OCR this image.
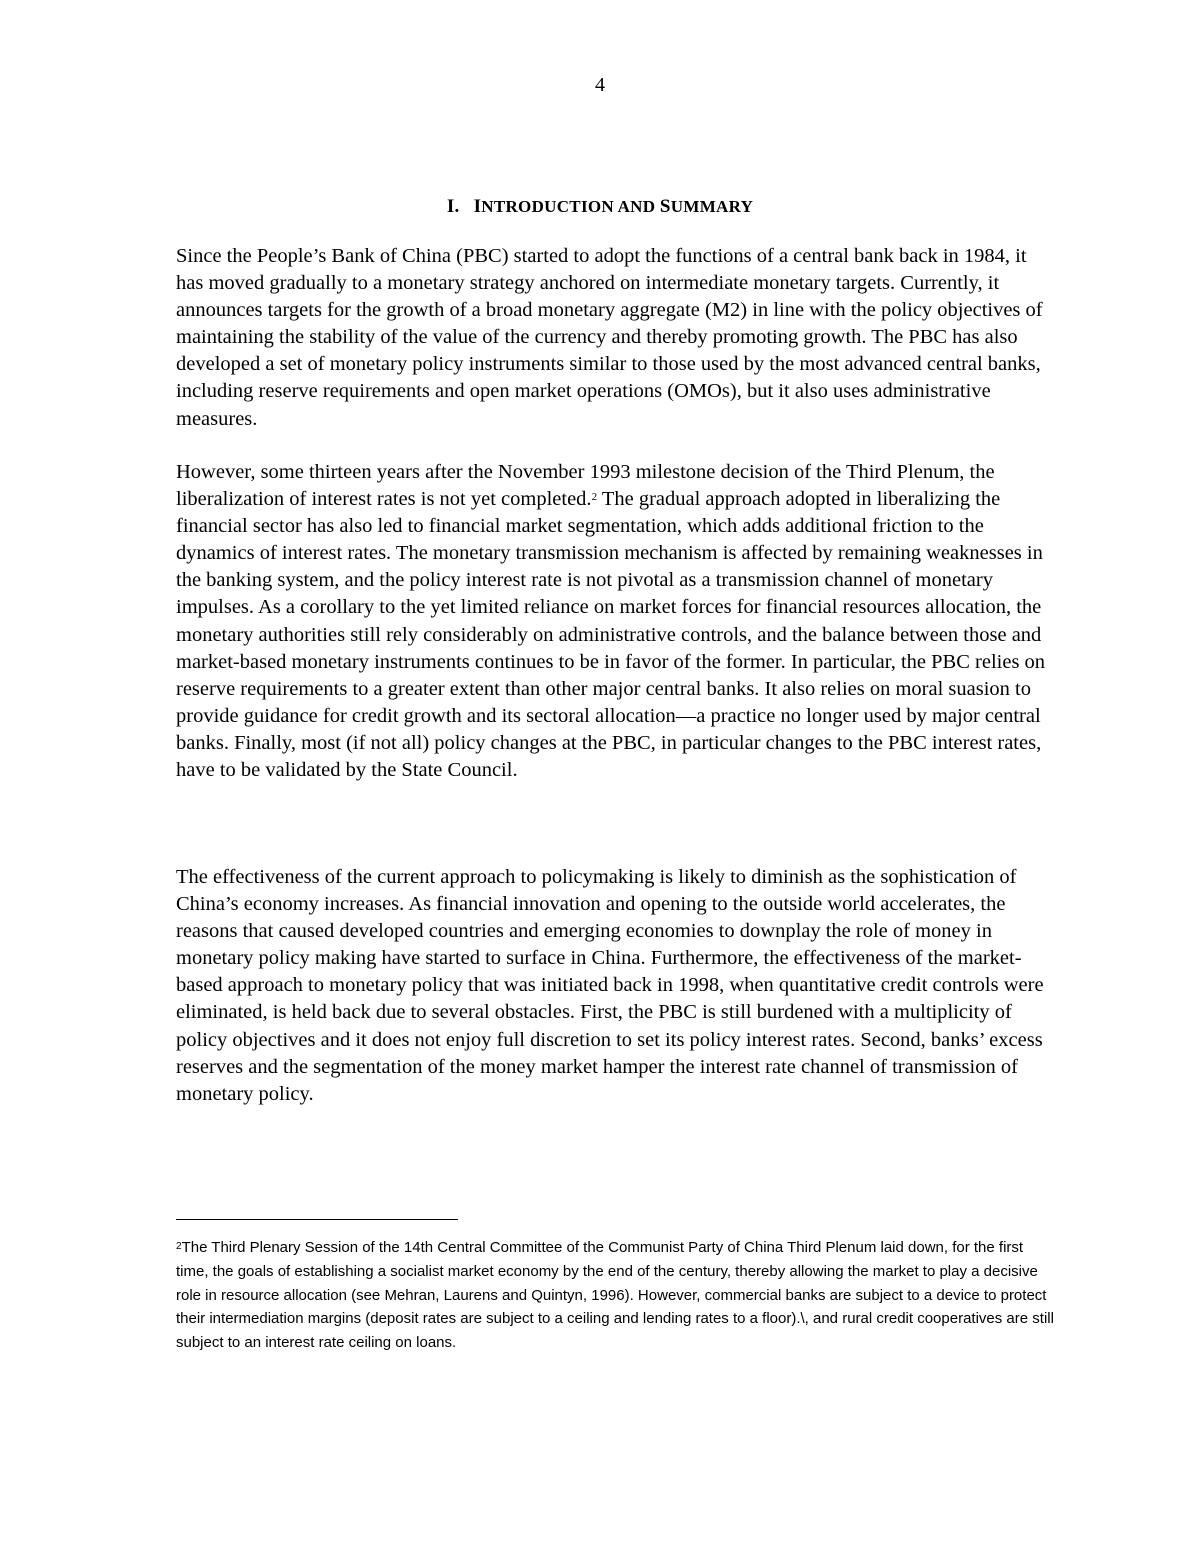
4
I. INTRODUCTION AND SUMMARY

Since the People’s Bank of China (PBC) started to adopt the functions of a central bank back in 1984, it has moved gradually to a monetary strategy anchored on intermediate monetary targets. Currently, it announces targets for the growth of a broad monetary aggregate (M2) in line with the policy objectives of maintaining the stability of the value of the currency and thereby promoting growth. The PBC has also developed a set of monetary policy instruments similar to those used by the most advanced central banks, including reserve requirements and open market operations (OMOs), but it also uses administrative measures.

However, some thirteen years after the November 1993 milestone decision of the Third Plenum, the liberalization of interest rates is not yet completed.$^2$ The gradual approach adopted in liberalizing the financial sector has also led to financial market segmentation, which adds additional friction to the dynamics of interest rates. The monetary transmission mechanism is affected by remaining weaknesses in the banking system, and the policy interest rate is not pivotal as a transmission channel of monetary impulses. As a corollary to the yet limited reliance on market forces for financial resources allocation, the monetary authorities still rely considerably on administrative controls, and the balance between those and market-based monetary instruments continues to be in favor of the former. In particular, the PBC relies on reserve requirements to a greater extent than other major central banks. It also relies on moral suasion to provide guidance for credit growth and its sectoral allocation—a practice no longer used by major central banks. Finally, most (if not all) policy changes at the PBC, in particular changes to the PBC interest rates, have to be validated by the State Council.

The effectiveness of the current approach to policymaking is likely to diminish as the sophistication of China’s economy increases. As financial innovation and opening to the outside world accelerates, the reasons that caused developed countries and emerging economies to downplay the role of money in monetary policy making have started to surface in China. Furthermore, the effectiveness of the market-based approach to monetary policy that was initiated back in 1998, when quantitative credit controls were eliminated, is held back due to several obstacles. First, the PBC is still burdened with a multiplicity of policy objectives and it does not enjoy full discretion to set its policy interest rates. Second, banks’ excess reserves and the segmentation of the money market hamper the interest rate channel of transmission of monetary policy.

$^2$The Third Plenary Session of the 14th Central Committee of the Communist Party of China Third Plenum laid down, for the first time, the goals of establishing a socialist market economy by the end of the century, thereby allowing the market to play a decisive role in resource allocation (see Mehran, Laurens and Quintyn, 1996). However, commercial banks are subject to a device to protect their intermediation margins (deposit rates are subject to a ceiling and lending rates to a floor).\, and rural credit cooperatives are still subject to an interest rate ceiling on loans.
